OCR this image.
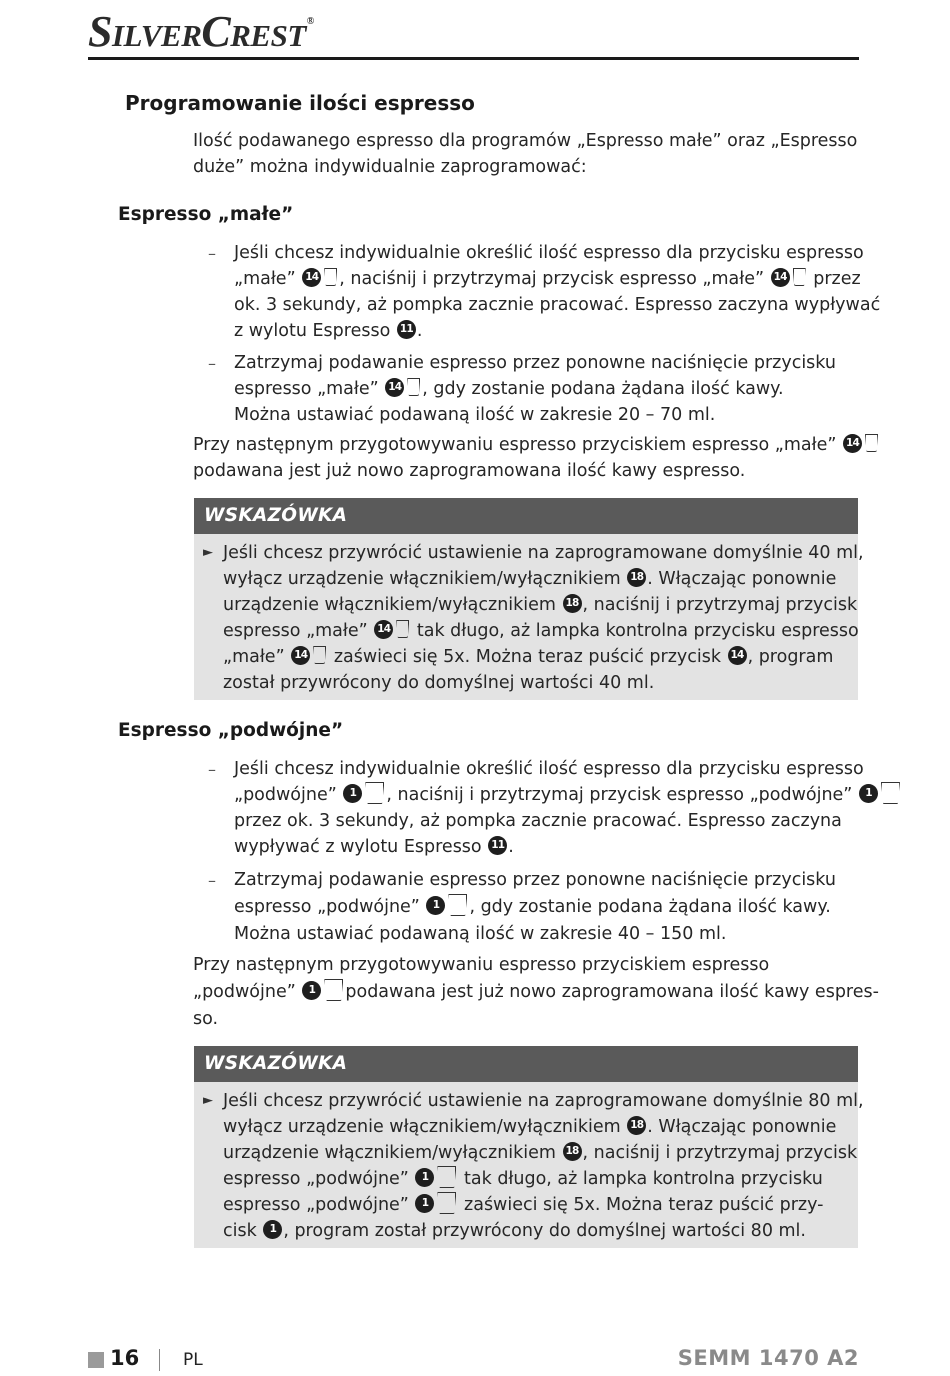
SILVERCREST®
Programowanie ilości espresso
Ilość podawanego espresso dla programów „Espresso małe” oraz „Espresso
duże” można indywidualnie zaprogramować:
Espresso „małe”
– Jeśli chcesz indywidualnie określić ilość espresso dla przycisku espresso
„małe” 14 , naciśnij i przytrzymaj przycisk espresso „małe” 14 przez
ok. 3 sekundy, aż pompka zacznie pracować. Espresso zaczyna wypływać
z wylotu Espresso 11 .
– Zatrzymaj podawanie espresso przez ponowne naciśnięcie przycisku
espresso „małe” 14 , gdy zostanie podana żądana ilość kawy.
Można ustawiać podawaną ilość w zakresie 20 – 70 ml.
Przy następnym przygotowywaniu espresso przyciskiem espresso „małe” 14
podawana jest już nowo zaprogramowana ilość kawy espresso.
WSKAZÓWKA
► Jeśli chcesz przywrócić ustawienie na zaprogramowane domyślnie 40 ml,
wyłącz urządzenie włącznikiem/wyłącznikiem 18 . Włączając ponownie
urządzenie włącznikiem/wyłącznikiem 18 , naciśnij i przytrzymaj przycisk
espresso „małe” 14 tak długo, aż lampka kontrolna przycisku espresso
„małe” 14 zaświeci się 5x. Można teraz puścić przycisk 14 , program
został przywrócony do domyślnej wartości 40 ml.
Espresso „podwójne”
– Jeśli chcesz indywidualnie określić ilość espresso dla przycisku espresso
„podwójne” 1 , naciśnij i przytrzymaj przycisk espresso „podwójne” 1
przez ok. 3 sekundy, aż pompka zacznie pracować. Espresso zaczyna
wypływać z wylotu Espresso 11 .
– Zatrzymaj podawanie espresso przez ponowne naciśnięcie przycisku
espresso „podwójne” 1 , gdy zostanie podana żądana ilość kawy.
Można ustawiać podawaną ilość w zakresie 40 – 150 ml.
Przy następnym przygotowywaniu espresso przyciskiem espresso
„podwójne” 1 podawana jest już nowo zaprogramowana ilość kawy espres-
so.
WSKAZÓWKA
► Jeśli chcesz przywrócić ustawienie na zaprogramowane domyślnie 80 ml,
wyłącz urządzenie włącznikiem/wyłącznikiem 18 . Włączając ponownie
urządzenie włącznikiem/wyłącznikiem 18 , naciśnij i przytrzymaj przycisk
espresso „podwójne” 1 tak długo, aż lampka kontrolna przycisku
espresso „podwójne” 1 zaświeci się 5x. Można teraz puścić przy-
cisk 1 , program został przywrócony do domyślnej wartości 80 ml.
16	PL	SEMM 1470 A2
